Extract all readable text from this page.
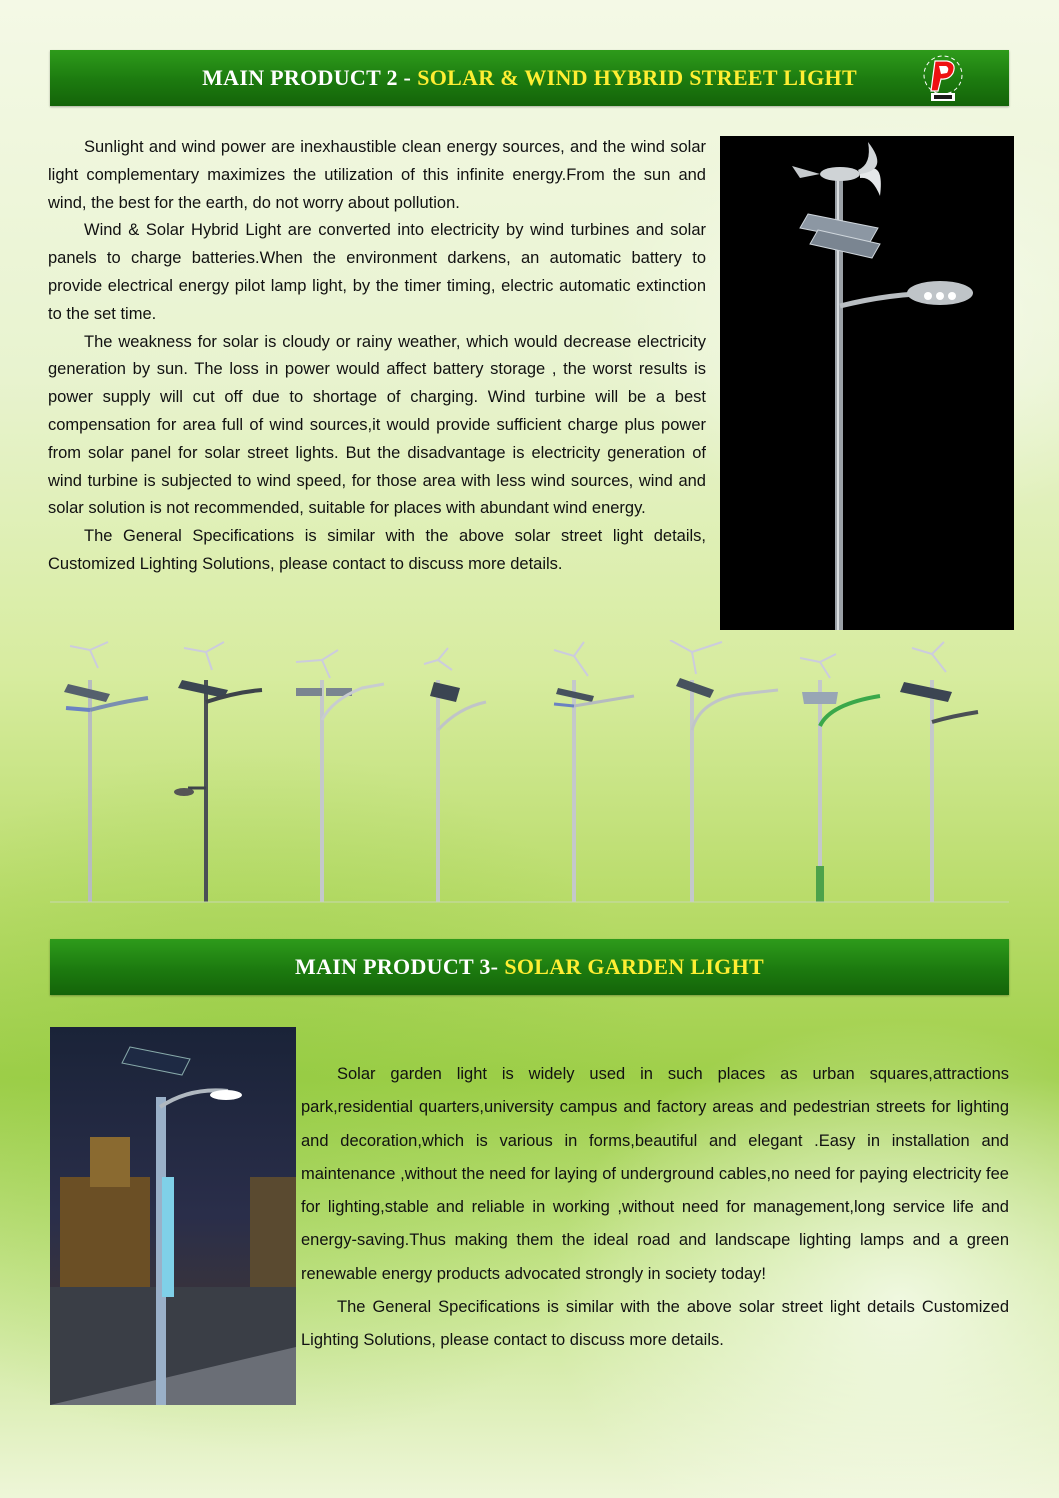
MAIN PRODUCT 2 - SOLAR & WIND HYBRID STREET LIGHT

Sunlight and wind power are inexhaustible clean energy sources, and the wind solar light complementary maximizes the utilization of this infinite energy.From the sun and wind, the best for the earth, do not worry about pollution.

Wind & Solar Hybrid Light are converted into electricity by wind turbines and solar panels to charge batteries.When the environment darkens, an automatic battery to provide electrical energy pilot lamp light, by the timer timing, electric automatic extinction to the set time.

The weakness for solar is cloudy or rainy weather, which would decrease electricity generation by sun. The loss in power would affect battery storage , the worst results is power supply will cut off due to shortage of charging. Wind turbine will be a best compensation for area full of wind sources,it would provide sufficient charge plus power from solar panel for solar street lights. But the disadvantage is electricity generation of wind turbine is subjected to wind speed, for those area with less wind sources, wind and solar solution is not recommended, suitable for places with abundant wind energy.

The General Specifications is similar with the above solar street light details, Customized Lighting Solutions, please contact to discuss more details.

MAIN PRODUCT 3- SOLAR GARDEN LIGHT

Solar garden light is widely used in such places as urban squares,attractions park,residential quarters,university campus and factory areas and pedestrian streets for lighting and decoration,which is various in forms,beautiful and elegant .Easy in installation and maintenance ,without the need for laying of underground cables,no need for paying electricity fee for lighting,stable and reliable in working ,without need for management,long service life and energy-saving.Thus making them the ideal road and landscape lighting lamps and a green renewable energy products advocated strongly in society today!

The General Specifications is similar with the above solar street light details Customized Lighting Solutions, please contact to discuss more details.
